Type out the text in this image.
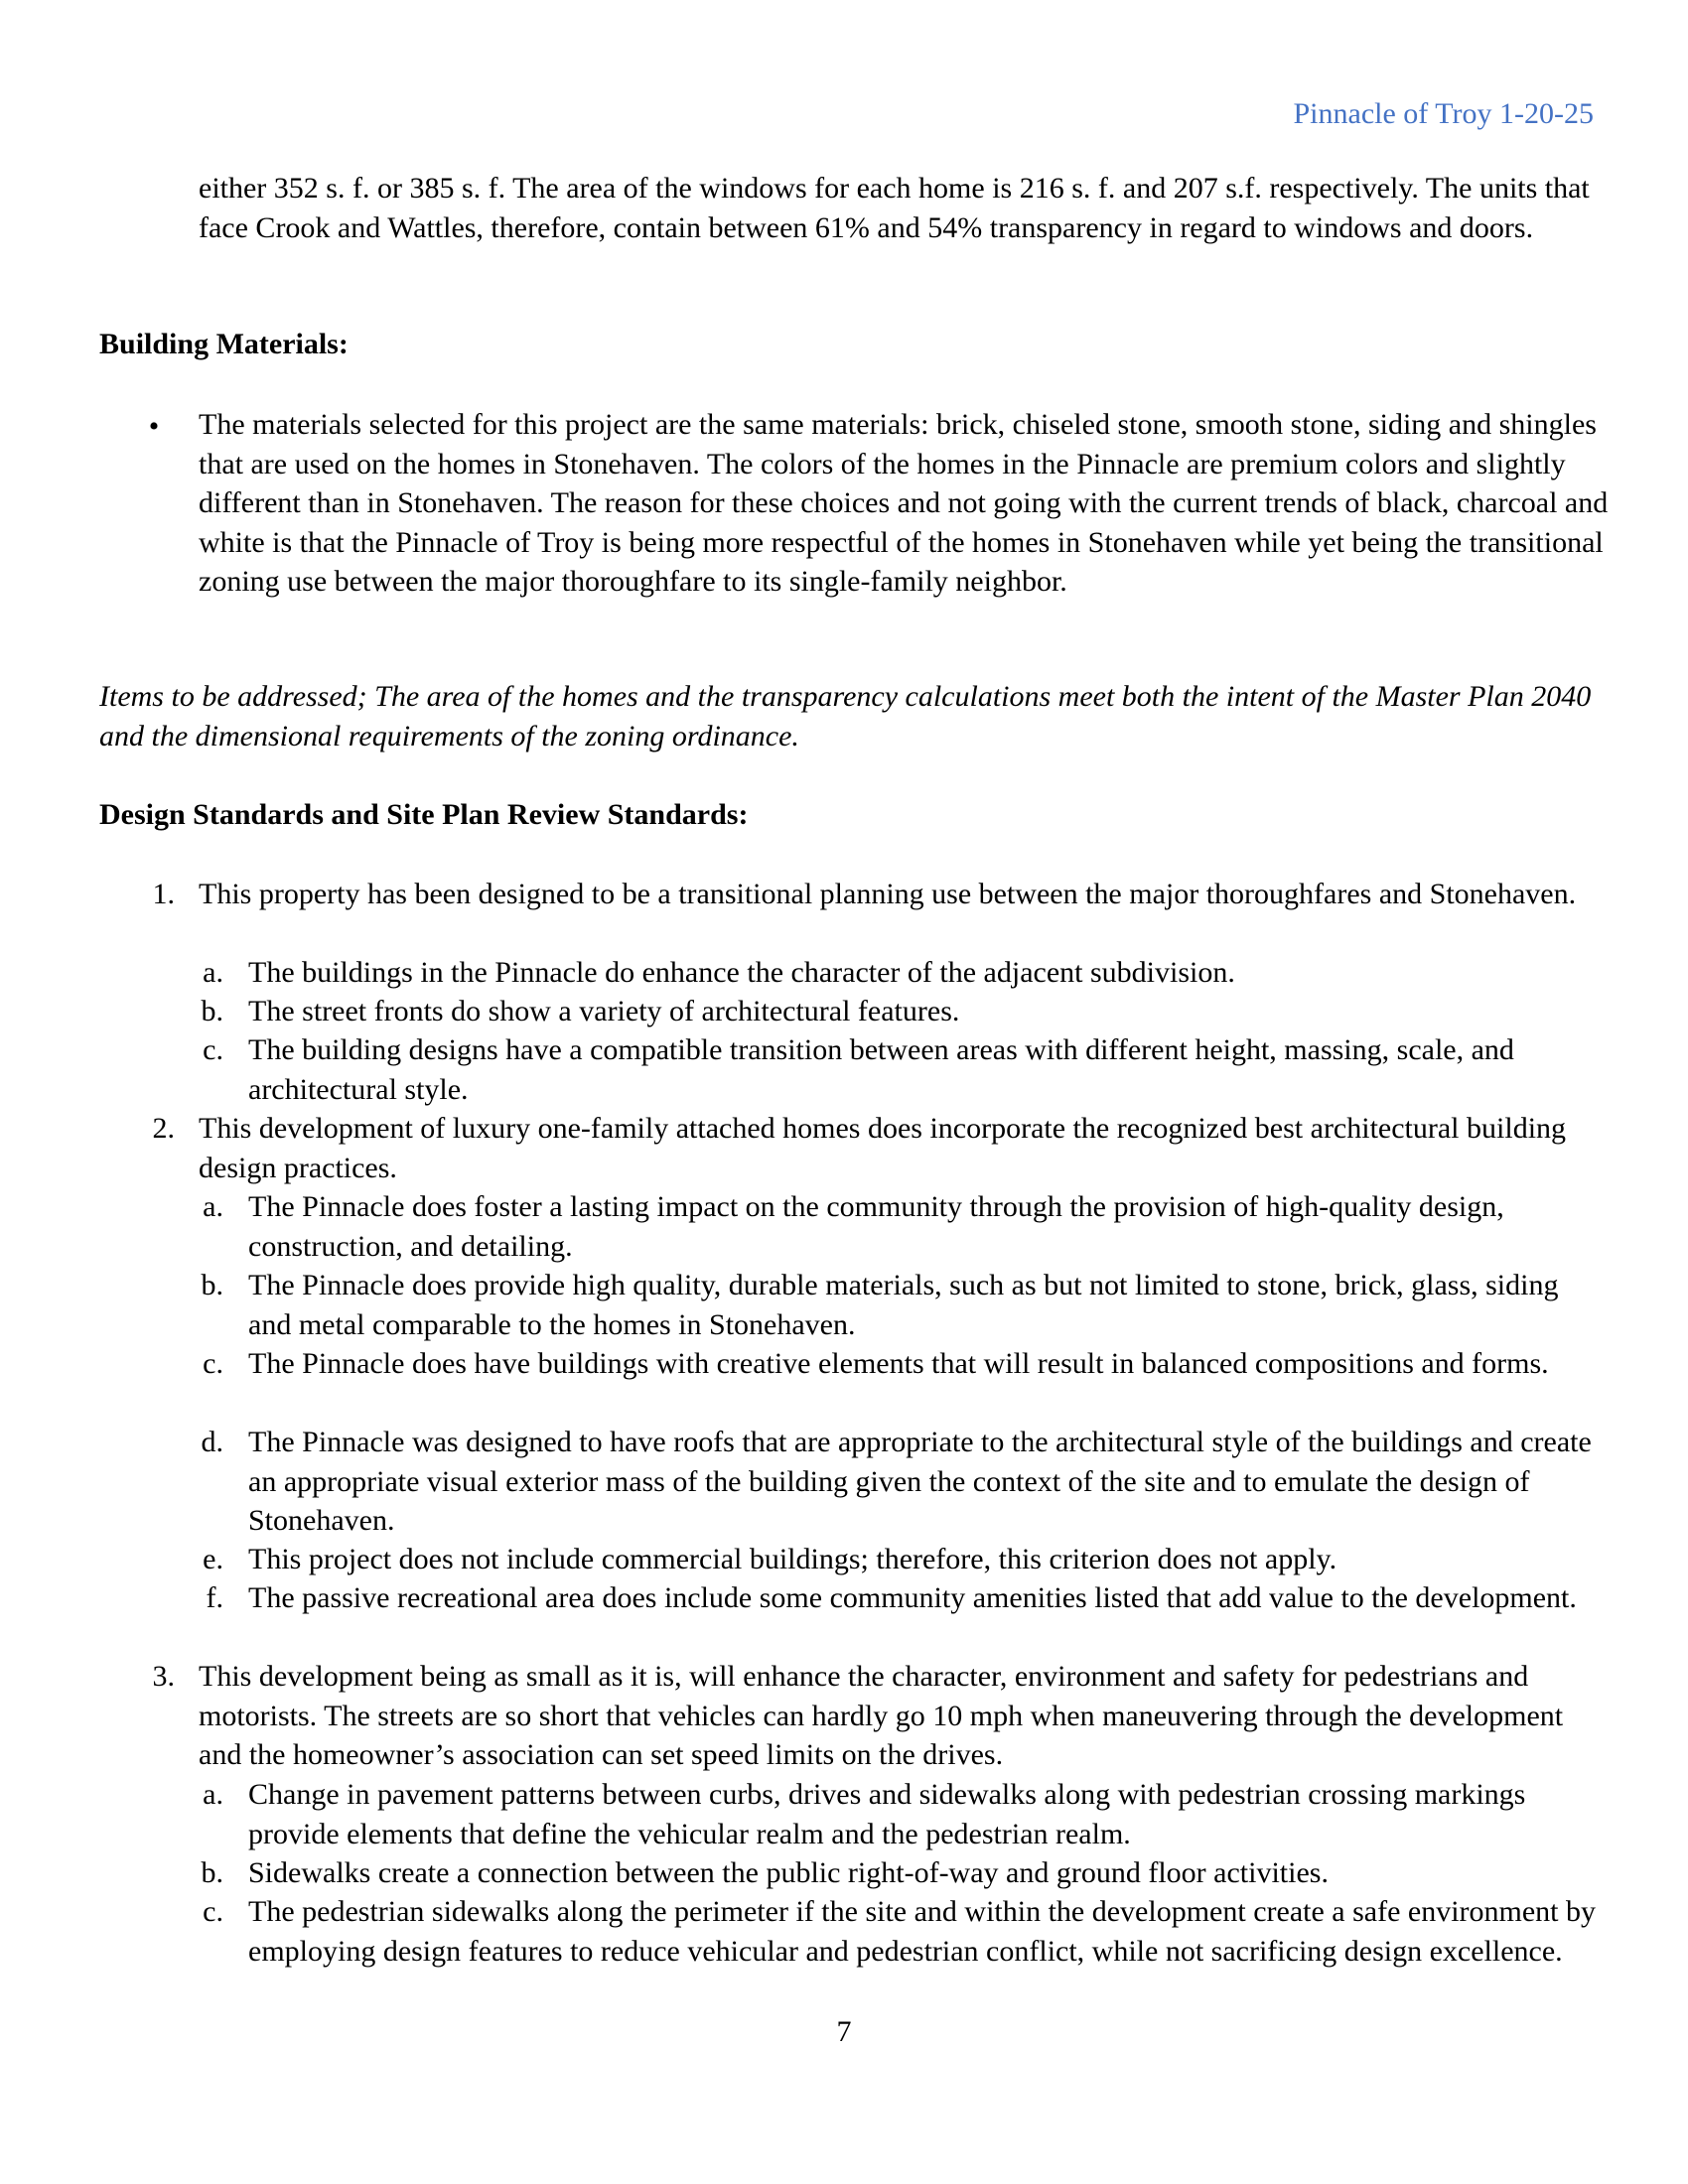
Pinnacle of Troy 1-20-25
either 352 s. f. or 385 s. f. The area of the windows for each home is 216 s. f. and 207 s.f. respectively. The units that face Crook and Wattles, therefore, contain between 61% and 54% transparency in regard to windows and doors.
Building Materials:
•	The materials selected for this project are the same materials: brick, chiseled stone, smooth stone, siding and shingles that are used on the homes in Stonehaven. The colors of the homes in the Pinnacle are premium colors and slightly different than in Stonehaven. The reason for these choices and not going with the current trends of black, charcoal and white is that the Pinnacle of Troy is being more respectful of the homes in Stonehaven while yet being the transitional zoning use between the major thoroughfare to its single-family neighbor.
Items to be addressed; The area of the homes and the transparency calculations meet both the intent of the Master Plan 2040 and the dimensional requirements of the zoning ordinance.
Design Standards and Site Plan Review Standards:
1. This property has been designed to be a transitional planning use between the major thoroughfares and Stonehaven.
a. The buildings in the Pinnacle do enhance the character of the adjacent subdivision.
b. The street fronts do show a variety of architectural features.
c. The building designs have a compatible transition between areas with different height, massing, scale, and architectural style.
2. This development of luxury one-family attached homes does incorporate the recognized best architectural building design practices.
a. The Pinnacle does foster a lasting impact on the community through the provision of high-quality design, construction, and detailing.
b. The Pinnacle does provide high quality, durable materials, such as but not limited to stone, brick, glass, siding and metal comparable to the homes in Stonehaven.
c. The Pinnacle does have buildings with creative elements that will result in balanced compositions and forms.
d. The Pinnacle was designed to have roofs that are appropriate to the architectural style of the buildings and create an appropriate visual exterior mass of the building given the context of the site and to emulate the design of Stonehaven.
e. This project does not include commercial buildings; therefore, this criterion does not apply.
f. The passive recreational area does include some community amenities listed that add value to the development.
3. This development being as small as it is, will enhance the character, environment and safety for pedestrians and motorists. The streets are so short that vehicles can hardly go 10 mph when maneuvering through the development and the homeowner’s association can set speed limits on the drives.
a. Change in pavement patterns between curbs, drives and sidewalks along with pedestrian crossing markings provide elements that define the vehicular realm and the pedestrian realm.
b. Sidewalks create a connection between the public right-of-way and ground floor activities.
c. The pedestrian sidewalks along the perimeter if the site and within the development create a safe environment by employing design features to reduce vehicular and pedestrian conflict, while not sacrificing design excellence.
7
